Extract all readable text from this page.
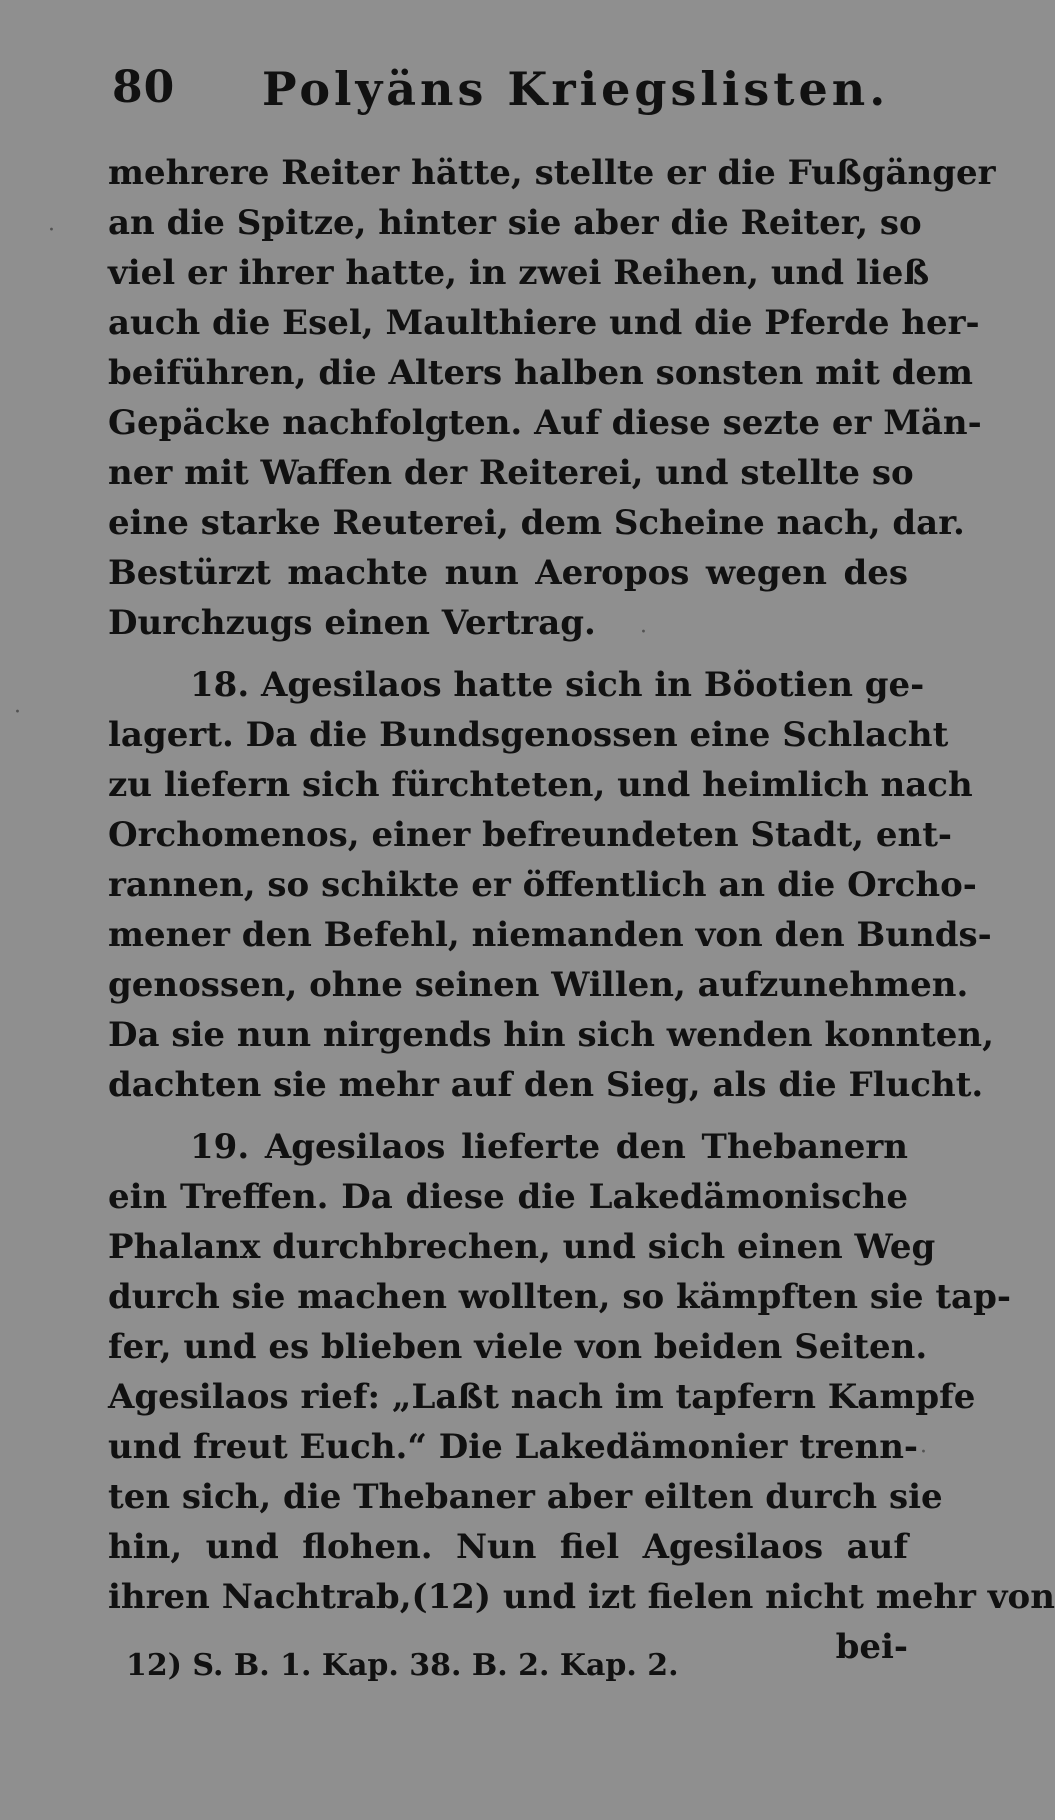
80 Polyäns Kriegslisten.
mehrere Reiter hätte, stellte er die Fußgänger
an die Spitze, hinter sie aber die Reiter, so
viel er ihrer hatte, in zwei Reihen, und ließ
auch die Esel, Maulthiere und die Pferde her-
beiführen, die Alters halben sonsten mit dem
Gepäcke nachfolgten. Auf diese sezte er Män-
ner mit Waffen der Reiterei, und stellte so
eine starke Reuterei, dem Scheine nach, dar.
Bestürzt machte nun Aeropos wegen des
Durchzugs einen Vertrag.
18. Agesilaos hatte sich in Böotien ge-
lagert. Da die Bundsgenossen eine Schlacht
zu liefern sich fürchteten, und heimlich nach
Orchomenos, einer befreundeten Stadt, ent-
rannen, so schikte er öffentlich an die Orcho-
mener den Befehl, niemanden von den Bunds-
genossen, ohne seinen Willen, aufzunehmen.
Da sie nun nirgends hin sich wenden konnten,
dachten sie mehr auf den Sieg, als die Flucht.
19. Agesilaos lieferte den Thebanern
ein Treffen. Da diese die Lakedämonische
Phalanx durchbrechen, und sich einen Weg
durch sie machen wollten, so kämpften sie tap-
fer, und es blieben viele von beiden Seiten.
Agesilaos rief: „Laßt nach im tapfern Kampfe
und freut Euch.“ Die Lakedämonier trenn-
ten sich, die Thebaner aber eilten durch sie
hin, und flohen. Nun fiel Agesilaos auf
ihren Nachtrab,(12) und izt fielen nicht mehr von
bei-
12) S. B. 1. Kap. 38. B. 2. Kap. 2.
·
·
·
·
